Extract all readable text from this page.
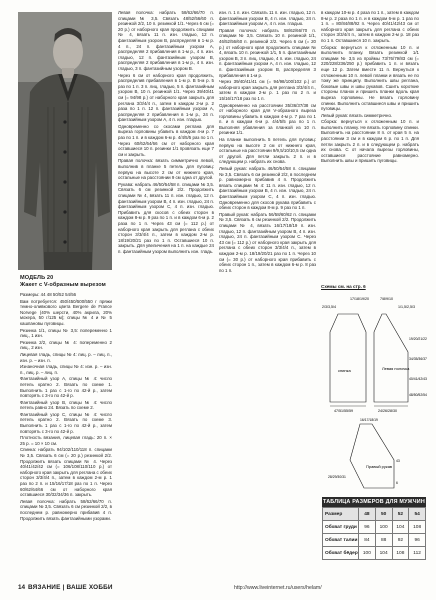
МОДЕЛЬ 20
Жакет с V-образным вырезом

Размеры: 44 48 50/52 54/56

Вам потребуется: 450/450/500/550 г пряжи темно-оливкового цвета Bergere de France Norvege (40% шерсти, 40% акрила, 20% мохера, 50 г/125 м); спицы № 4 и № 5 кашпановы пуговицы.

Резинка 1/1, спицы № 3,5: попеременно 1 лиц., 1 изн.

Резинка 2/2, спицы № 4: попеременно 2 лиц., 2 изн.

Лицевая гладь, спицы № 4: лиц. р. – лиц. п., изн. р. – изн. п.

Изнаночная гладь, спицы № 4: изн. р. – изн. п., лиц. р. – лиц. п.

Фантазийный узор А, спицы № 4: число петель кратно 2. Вязать по схеме 1. Выполнить 1 раз с 1-го по 42-й р., затем повторять с 3-го по 42-й р.

Фантазийный узор В, спицы № 4: число петель равно 24. Вязать по схеме 2.

Фантазийный узор С, спицы № 4: число петель кратно 2. Вязать по схеме 3. Выполнить 1 раз с 1-го по 42-й р., затем повторять с 3-го по 42-й р.

Плотность вязания, лицевая гладь: 20 п. × 25 р. = 10 × 10 см.

Спинка: набрать 94/102/110/118 п. спицами № 3,5. Связать 6 см (= 20 р.) резинкой 2/2. Продолжить вязать спицами № 4. Через 40/41/42/42 см (= 106/108/110/110 р.) от наборного края закрыть для реглана с обеих сторон 3/3/4/4 п., затем в каждом 2-м р. 1 раз по 2 п. и 15/16/17/18 раз по 1 п. Через 60/62/64/66 см от наборного края оставшиеся 30/32/34/36 п. закрыть.

Левая полочка: набрать 58/62/66/70 п. спицами № 3,5. Связать 6 см резинкой 2/2, в последнем р. равномерно прибавив 4 п. Продолжить вязать фантазийными узорами.

Левая полочка: набрать 58/62/66/70 п. спицами № 3,5. Связать 48/52/56/60 п. резинкой 2/2, 10 п. резинкой 1/1. Через 6 см (= 20 р.) от наборного края продолжить спицами № 4, вязать 11 п. изн. гладью, 12 п. фантазийным узором В, распределяя в 1-м р. 4 п., 24 п. фантазийным узором А, распределяя 2 прибавления в 1-м р., 4 п. изн. гладью, 12 п. фантазийным узором В, распределяя 2 прибавления в 1-м р., 4 п. изн. гладью, 3 п. фантазийным узором В.

Через 6 см от наборного края продолжить, распределив прибавления в 1-м р. В 5-м р. 5 раз по 1 п. 3 п. лиц. гладью, 5 п. фантазийным узором В, 10 п. резинкой 1/1. Через 39/40/41 см (= 94/98 р.) от наборного края закрыть для реглана 3/3/4/4 п., затем в каждом 2-м р. 2 раза по 1 п. 12 п. фантазийным узором А, распределяя 2 прибавления в 1-м р., 24 п. фантазийным узором А, 4 п. изн. гладью.

Одновременно со скосами реглана для выреза горловины убавить в каждом 4-м р. 7 раз по 1 п. и в каждом 6-м р. 4/4/5/5 раз по 1 п. Через 60/62/64/66 см от наборного края оставшиеся 10 п. резинки 1/1 провязать еще 7 см и закрыть.

Правая полочка: вязать симметрично левой, выполнив в планке 5 петель для пуговиц: первую на высоте 2 см от нижнего края, остальные на расстоянии 9 см одна от другой.

Рукава: набрать 46/50/54/58 п. спицами № 3,5. Связать 6 см резинкой 2/2. Продолжить спицами № 4, вязать 11 п. изн. гладью, 12 п. фантазийным узором В, 4 п. изн. гладью, 24 п. фантазийным узором С, 4 п. изн. гладью. Прибавить для скосов с обеих сторон в каждом 8-м р. 9 раз по 1 п. и в каждом 6-м р. 2 раза по 1 п. Через 43 см (= 112 р.) от наборного края закрыть для реглана с обеих сторон 3/3/4/4 п., затем в каждом 2-м р. 18/19/20/21 раз по 1 п. Оставшиеся 10 п. закрыть. Для увеличения на 1 п. на каждые 24 п. фантазийным узором выполнить изн. гладь.

изн. п. 1 п. изн. Связать 11 п. изн. гладью, 12 п. фантазийным узором В, 4 п. изн. гладью, 24 п. фантазийным узором А, 4 п. изн. гладью.

Правая полочка: набрать 58/62/66/70 п. спицами № 3,5. Связать 10 п. резинкой 1/1, 46/52/56/60 п. резинкой 2/2. Через 6 см (= 20 р.) от наборного края продолжить спицами № 4, вязать 10 п. резинкой 1/1, 5 п. фантазийным узором В, 3 п. лиц. гладью, 4 п. изн. гладью, 24 п. фантазийным узором А, 4 п. изн. гладью, 12 п. фантазийным узором В, распределяя 3 прибавления в 1-м р.

Через 39/40/41/41 см (= 94/98/100/102 р.) от наборного края закрыть для реглана 3/3/4/4 п., затем в каждом 2-м р. 1 раз по 2 п. и 15/16/17/18 раз по 1 п.

Одновременно на расстоянии 35/36/37/38 см от наборного края для V-образного выреза горловины убавить в каждом 4-м р. 7 раз по 1 п. и в каждом 6-м р. 4/4/5/5 раз по 1 п. Выполняя убавления за планкой из 10 п. резинки 1/1.

На планке выполнить 5 петель для пуговиц: первую на высоте 2 см от нижнего края, остальные на расстоянии 9/9,5/10/10,5 см одна от другой. Для петли закрыть 2 п. и в следующем р. набрать их снова.

Левый рукав: набрать 46/50/54/58 п. спицами № 3,5. Связать 6 см резинкой 2/2, в последнем р. равномерно прибавив 4 п. Продолжить вязать спицами № 4: 11 п. изн. гладью, 12 п. фантазийным узором В, 4 п. изн. гладью, 24 п. фантазийным узором С, 4 п. изн. гладью. Одновременно для скосов рукава прибавить с обеих сторон в каждом 8-м р. 9 раз по 1 п.

Правый рукав: набрать 56/58/60/62 п. спицами № 3,5. Связать 6 см резинкой 2/2. Продолжить спицами № 4, вязать 16/17/18/19 п. изн. гладью, 12 п. фантазийным узором В, 4 п. изн. гладью, 24 п. фантазийным узором С. Через 43 см (= 112 р.) от наборного края закрыть для реглана с обеих сторон 3/3/4/4 п., затем в каждом 2-м р. 18/19/20/21 раз по 1 п. Через 10 см (= 30 р.) от наборного края прибавить с обеих сторон 1 п., затем в каждом 6-м р. 8 раз по 1 п.

в каждом 10-м р. 4 раза по 1 п., затем в каждом 8-м р. 2 раза по 1 п. и в каждом 6-м р. 1 раз по 1 п. = 80/84/88/92 п. Через 40/41/42/43 см от наборного края закрыть для реглана с обеих сторон 3/3/4/4 п., затем в каждом 2-м р. 18 раз по 1 п. Оставшиеся 10 п. закрыть.

Сборка: вернуться к отложенным 10 п. и выполнить планку. Вязать резинкой 1/1 спицами № 3,5 из проймы 73/76/79/83 см (= 220/228/236/250 р.) прибавить 1 п. и вязать еще 12 р. Затем вместе 11 п. Вернуться к отложенным 10 п. левой планки и вязать ее по тому же принципу. Выполнить швы реглана, боковые швы и швы рукавов. Сшить короткие стороны планок и пришить планки вдоль края выреза горловины. Не вязать горловину спинки. Выполнить оставшиеся швы и пришить пуговицы.

Левый рукав: вязать симметрично.

Сборка: вернуться к отложенным 10 п. и выполнить планку. Не вязать горловину спинки. Выполнить на расстоянии 8 п. от края 5 п. на расстоянии 3 см и в каждом 6 р. по 1 п. Для петли закрыть 2 п. и в следующем р. набрать их снова. С от начала вырезы горловины, оставшиеся расстояние равномерно. Выполнить швы и пришить пуговицы.

Схемы см. на стр. 6
17/18/19/20	7/8/9/10
1/1,5/2,5/3
2/3/3,5/4
спинка	Левая полочка
19/20/21/22
34/35/36/37
40/41/42/43
48/50/52/54
47/51/55/59	24/26/28/30
Правый рукав
16/17/18/19
43
6
28/29/30/31
ТАБЛИЦА РАЗМЕРОВ ДЛЯ МУЖЧИН
Размер	48	50	52	54
Обхват груди	96	100	104	108
Обхват талии	84	88	92	96
Обхват бёдер	100	104	108	112
14 ВЯЗАНИЕ | ВАШЕ ХОББИ	http://www.liveinternet.ru/users/helam/
